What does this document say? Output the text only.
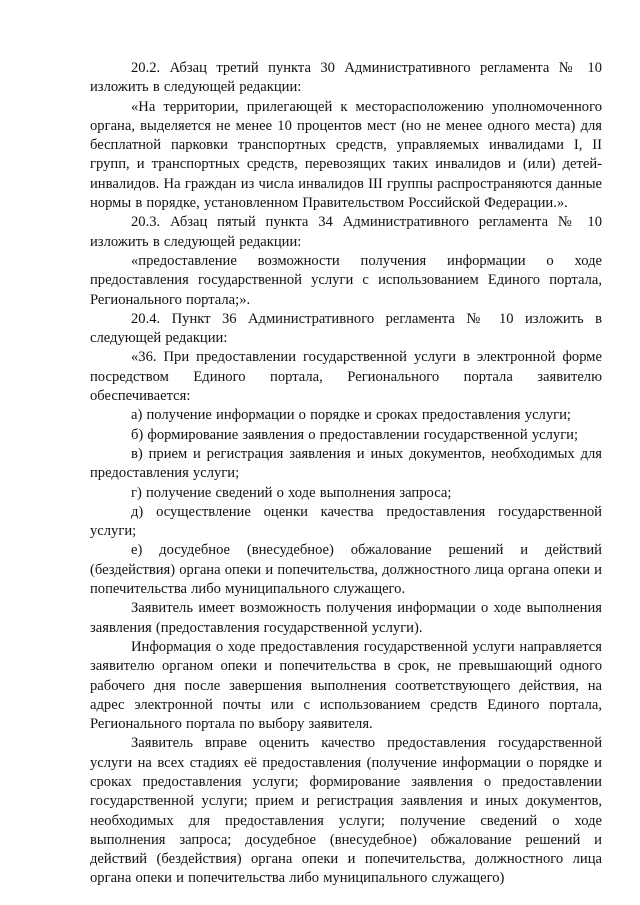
20.2. Абзац третий пункта 30 Административного регламента № 10 изложить в следующей редакции:

«На территории, прилегающей к месторасположению уполномоченного органа, выделяется не менее 10 процентов мест (но не менее одного места) для бесплатной парковки транспортных средств, управляемых инвалидами I, II групп, и транспортных средств, перевозящих таких инвалидов и (или) детей-инвалидов. На граждан из числа инвалидов III группы распространяются данные нормы в порядке, установленном Правительством Российской Федерации.».

20.3. Абзац пятый пункта 34 Административного регламента № 10 изложить в следующей редакции:

«предоставление возможности получения информации о ходе предоставления государственной услуги с использованием Единого портала, Регионального портала;».

20.4. Пункт 36 Административного регламента № 10 изложить в следующей редакции:

«36. При предоставлении государственной услуги в электронной форме посредством Единого портала, Регионального портала заявителю обеспечивается:

а) получение информации о порядке и сроках предоставления услуги;

б) формирование заявления о предоставлении государственной услуги;

в) прием и регистрация заявления и иных документов, необходимых для предоставления услуги;

г) получение сведений о ходе выполнения запроса;

д) осуществление оценки качества предоставления государственной услуги;

е) досудебное (внесудебное) обжалование решений и действий (бездействия) органа опеки и попечительства, должностного лица органа опеки и попечительства либо муниципального служащего.

Заявитель имеет возможность получения информации о ходе выполнения заявления (предоставления государственной услуги).

Информация о ходе предоставления государственной услуги направляется заявителю органом опеки и попечительства в срок, не превышающий одного рабочего дня после завершения выполнения соответствующего действия, на адрес электронной почты или с использованием средств Единого портала, Регионального портала по выбору заявителя.

Заявитель вправе оценить качество предоставления государственной услуги на всех стадиях её предоставления (получение информации о порядке и сроках предоставления услуги; формирование заявления о предоставлении государственной услуги; прием и регистрация заявления и иных документов, необходимых для предоставления услуги; получение сведений о ходе выполнения запроса; досудебное (внесудебное) обжалование решений и действий (бездействия) органа опеки и попечительства, должностного лица органа опеки и попечительства либо муниципального служащего)
